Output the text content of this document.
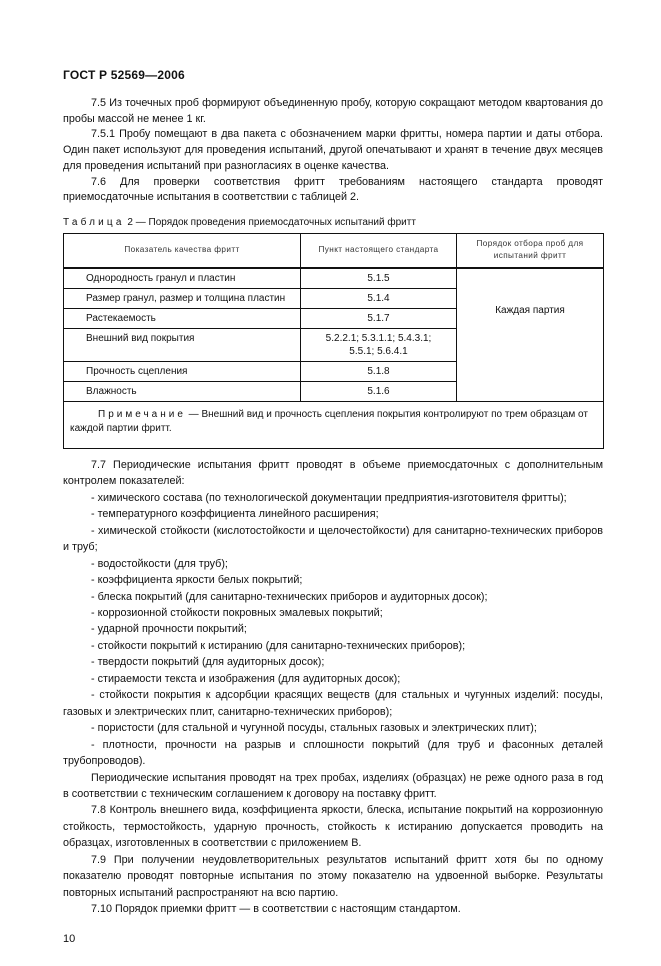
ГОСТ Р 52569—2006

7.5 Из точечных проб формируют объединенную пробу, которую сокращают методом квартования до пробы массой не менее 1 кг.

7.5.1 Пробу помещают в два пакета с обозначением марки фритты, номера партии и даты отбора. Один пакет используют для проведения испытаний, другой опечатывают и хранят в течение двух месяцев для проведения испытаний при разногласиях в оценке качества.

7.6 Для проверки соответствия фритт требованиям настоящего стандарта проводят приемосдаточные испытания в соответствии с таблицей 2.

Таблица 2 — Порядок проведения приемосдаточных испытаний фритт
Показатель качества фритт	Пункт настоящего стандарта	Порядок отбора проб для испытаний фритт
Однородность гранул и пластин	5.1.5	Каждая партия
Размер гранул, размер и толщина пластин	5.1.4	
Растекаемость	5.1.7	
Внешний вид покрытия	5.2.2.1; 5.3.1.1; 5.4.3.1; 5.5.1; 5.6.4.1	
Прочность сцепления	5.1.8	
Влажность	5.1.6	
Примечание — Внешний вид и прочность сцепления покрытия контролируют по трем образцам от каждой партии фритт.		

7.7 Периодические испытания фритт проводят в объеме приемосдаточных с дополнительным контролем показателей:

- химического состава (по технологической документации предприятия-изготовителя фритты);

- температурного коэффициента линейного расширения;

- химической стойкости (кислотостойкости и щелочестойкости) для санитарно-технических приборов и труб;

- водостойкости (для труб);

- коэффициента яркости белых покрытий;

- блеска покрытий (для санитарно-технических приборов и аудиторных досок);

- коррозионной стойкости покровных эмалевых покрытий;

- ударной прочности покрытий;

- стойкости покрытий к истиранию (для санитарно-технических приборов);

- твердости покрытий (для аудиторных досок);

- стираемости текста и изображения (для аудиторных досок);

- стойкости покрытия к адсорбции красящих веществ (для стальных и чугунных изделий: посуды, газовых и электрических плит, санитарно-технических приборов);

- пористости (для стальной и чугунной посуды, стальных газовых и электрических плит);

- плотности, прочности на разрыв и сплошности покрытий (для труб и фасонных деталей трубопроводов).

Периодические испытания проводят на трех пробах, изделиях (образцах) не реже одного раза в год в соответствии с техническим соглашением к договору на поставку фритт.

7.8 Контроль внешнего вида, коэффициента яркости, блеска, испытание покрытий на коррозионную стойкость, термостойкость, ударную прочность, стойкость к истиранию допускается проводить на образцах, изготовленных в соответствии с приложением В.

7.9 При получении неудовлетворительных результатов испытаний фритт хотя бы по одному показателю проводят повторные испытания по этому показателю на удвоенной выборке. Результаты повторных испытаний распространяют на всю партию.

7.10 Порядок приемки фритт — в соответствии с настоящим стандартом.

10
